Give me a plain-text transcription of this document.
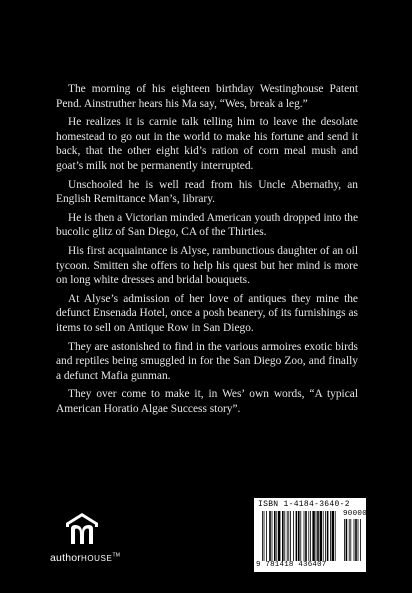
The morning of his eighteen birthday Westinghouse Patent Pend. Ainstruther hears his Ma say, “Wes, break a leg.”

He realizes it is carnie talk telling him to leave the desolate homestead to go out in the world to make his fortune and send it back, that the other eight kid’s ration of corn meal mush and goat’s milk not be permanently interrupted.

Unschooled he is well read from his Uncle Abernathy, an English Remittance Man’s, library.

He is then a Victorian minded American youth dropped into the bucolic glitz of San Diego, CA of the Thirties.

His first acquaintance is Alyse, rambunctious daughter of an oil tycoon. Smitten she offers to help his quest but her mind is more on long white dresses and bridal bouquets.

At Alyse’s admission of her love of antiques they mine the defunct Ensenada Hotel, once a posh beanery, of its furnishings as items to sell on Antique Row in San Diego.

They are astonished to find in the various armoires exotic birds and reptiles being smuggled in for the San Diego Zoo, and finally a defunct Mafia gunman.

They over come to make it, in Wes’ own words, “A typical American Horatio Algae Success story”.

authorHOUSE™
ISBN 1-4184-3640-2
90000
9 781418 436407
